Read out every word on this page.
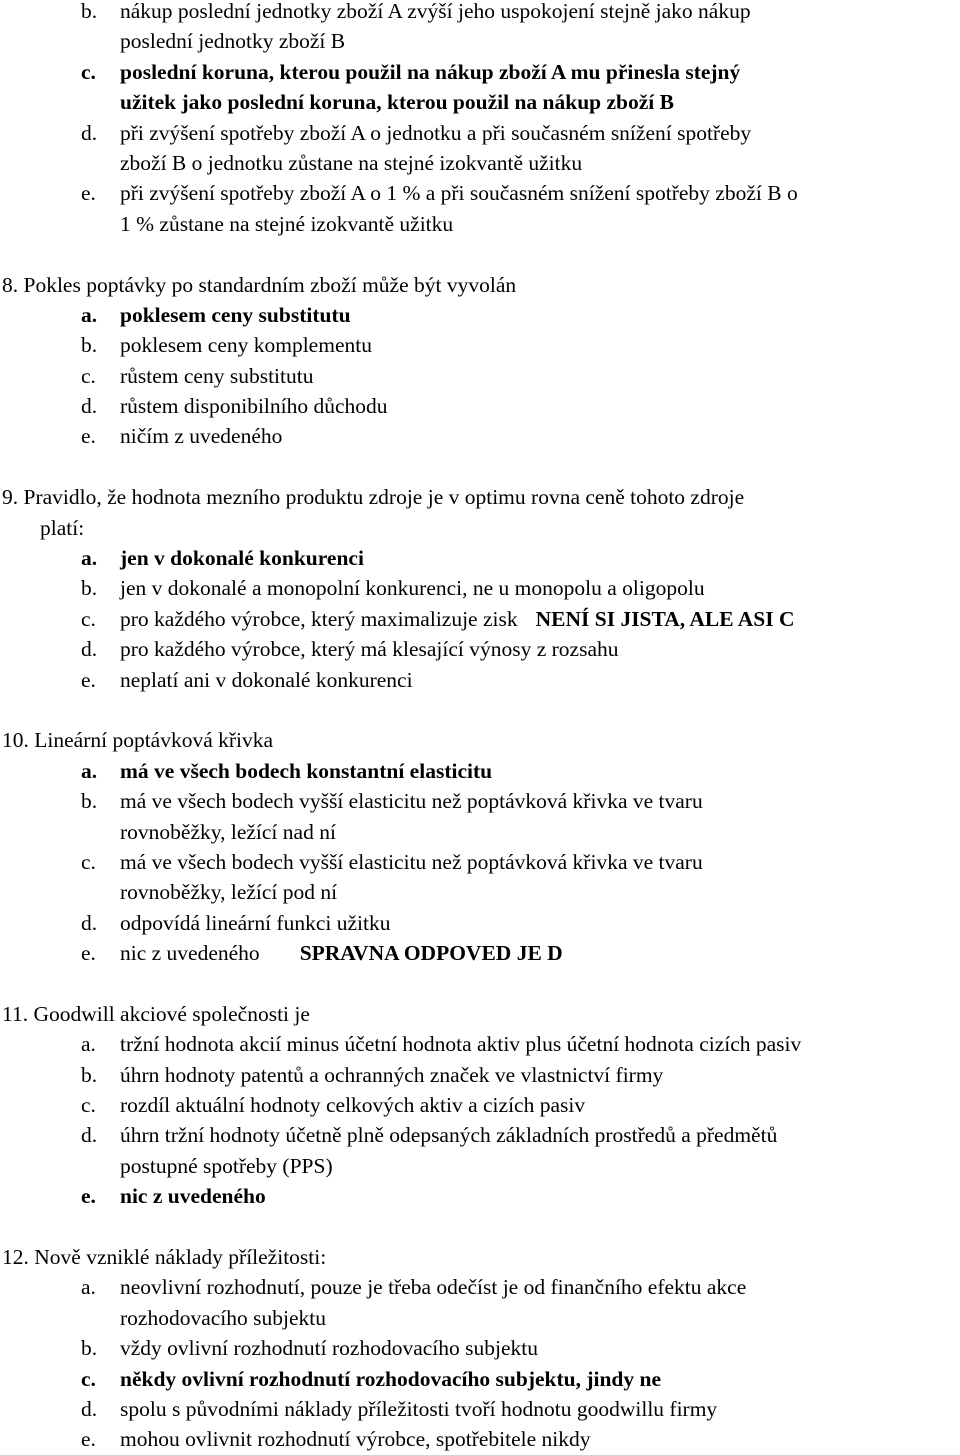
b. nákup poslední jednotky zboží A zvýší jeho uspokojení stejně jako nákup
poslední jednotky zboží B
c. poslední koruna, kterou použil na nákup zboží A mu přinesla stejný
užitek jako poslední koruna, kterou použil na nákup zboží B
d. při zvýšení spotřeby zboží A o jednotku a při současném snížení spotřeby
zboží B o jednotku zůstane na stejné izokvantě užitku
e. při zvýšení spotřeby zboží A o 1 % a při současném snížení spotřeby zboží B o
1 % zůstane na stejné izokvantě užitku
8. Pokles poptávky po standardním zboží může být vyvolán
a. poklesem ceny substitutu
b. poklesem ceny komplementu
c. růstem ceny substitutu
d. růstem disponibilního důchodu
e. ničím z uvedeného
9. Pravidlo, že hodnota mezního produktu zdroje je v optimu rovna ceně tohoto zdroje
platí:
a. jen v dokonalé konkurenci
b. jen v dokonalé a monopolní konkurenci, ne u monopolu a oligopolu
c. pro každého výrobce, který maximalizuje zisk NENÍ SI JISTA, ALE ASI C
d. pro každého výrobce, který má klesající výnosy z rozsahu
e. neplatí ani v dokonalé konkurenci
10. Lineární poptávková křivka
a. má ve všech bodech konstantní elasticitu
b. má ve všech bodech vyšší elasticitu než poptávková křivka ve tvaru
rovnoběžky, ležící nad ní
c. má ve všech bodech vyšší elasticitu než poptávková křivka ve tvaru
rovnoběžky, ležící pod ní
d. odpovídá lineární funkci užitku
e. nic z uvedeného SPRAVNA ODPOVED JE D
11. Goodwill akciové společnosti je
a. tržní hodnota akcií minus účetní hodnota aktiv plus účetní hodnota cizích pasiv
b. úhrn hodnoty patentů a ochranných značek ve vlastnictví firmy
c. rozdíl aktuální hodnoty celkových aktiv a cizích pasiv
d. úhrn tržní hodnoty účetně plně odepsaných základních prostředů a předmětů
postupné spotřeby (PPS)
e. nic z uvedeného
12. Nově vzniklé náklady příležitosti:
a. neovlivní rozhodnutí, pouze je třeba odečíst je od finančního efektu akce
rozhodovacího subjektu
b. vždy ovlivní rozhodnutí rozhodovacího subjektu
c. někdy ovlivní rozhodnutí rozhodovacího subjektu, jindy ne
d. spolu s původními náklady příležitosti tvoří hodnotu goodwillu firmy
e. mohou ovlivnit rozhodnutí výrobce, spotřebitele nikdy
